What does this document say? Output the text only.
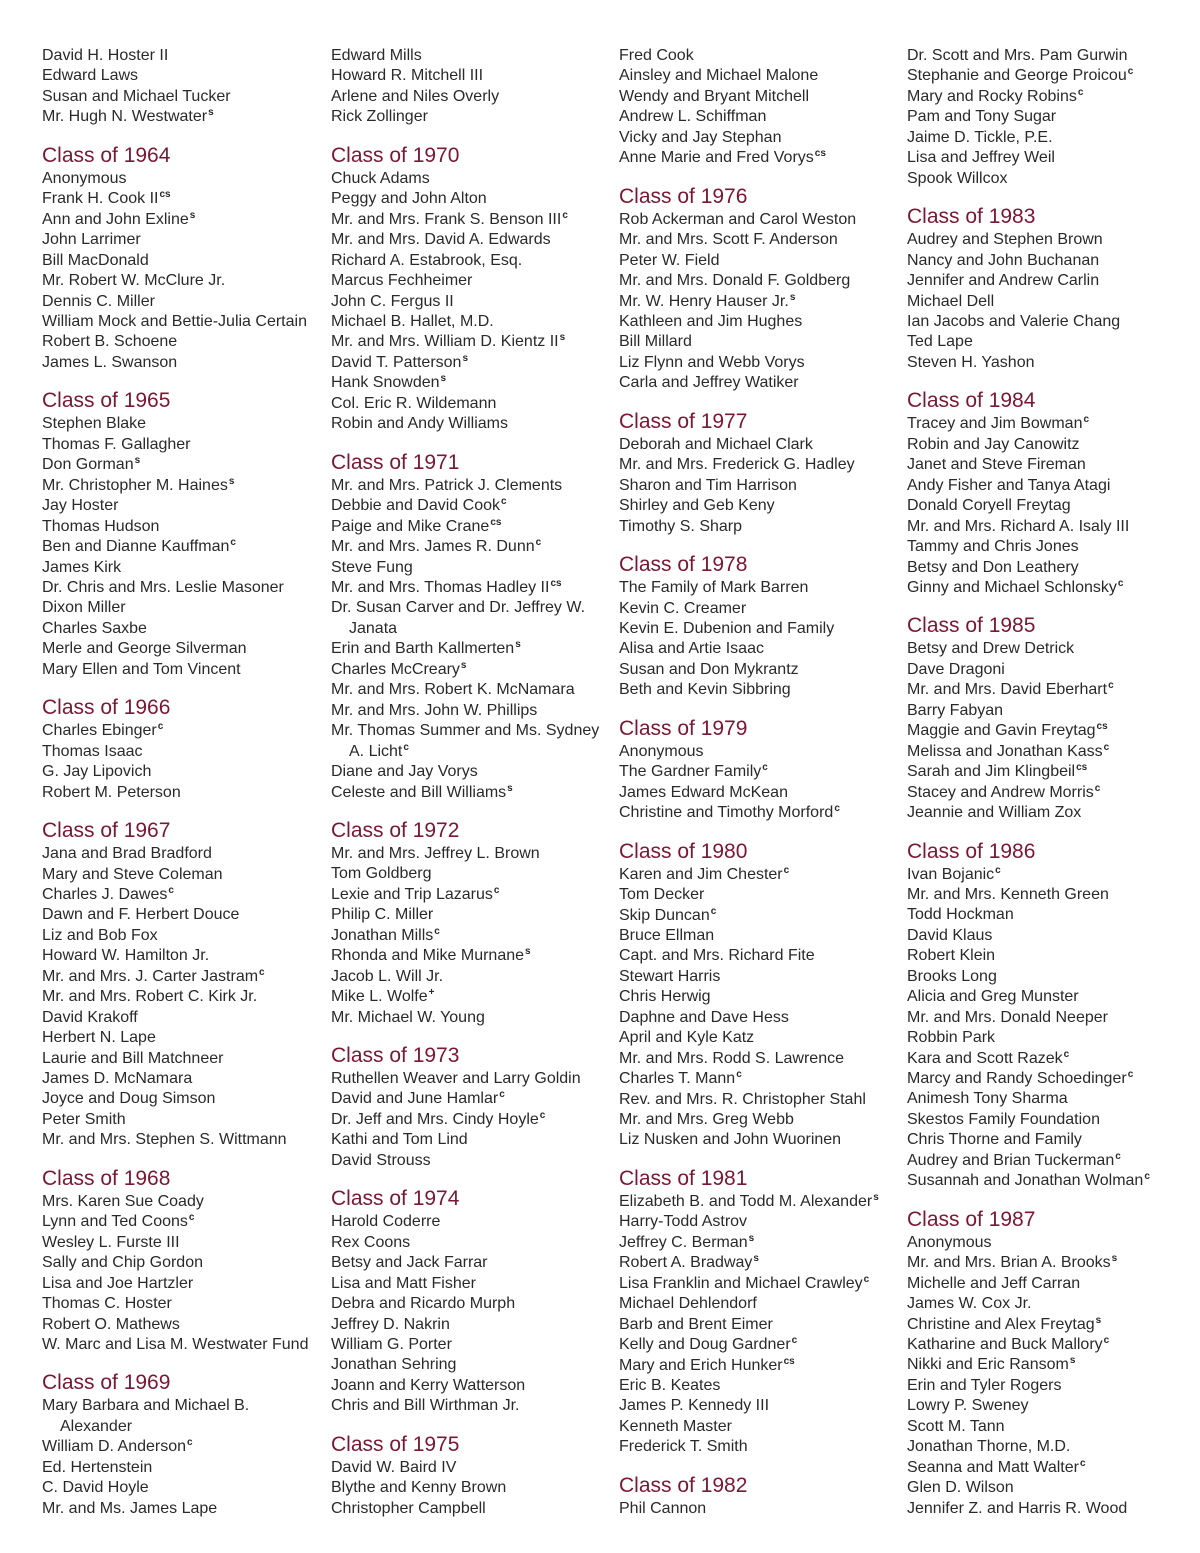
David H. Hoster II
Edward Laws
Susan and Michael Tucker
Mr. Hugh N. Westwater$^s$
Class of 1964
Anonymous
Frank H. Cook $II^{cs}$
Ann and John Exline$^s$
John Larrimer
Bill MacDonald
Mr. Robert W. McClure Jr.
Dennis C. Miller
William Mock and Bettie-Julia Certain
Robert B. Schoene
James L. Swanson
Class of 1965
Stephen Blake
Thomas F. Gallagher
Don Gorman$^s$
Mr. Christopher M. Haines$^s$
Jay Hoster
Thomas Hudson
Ben and Dianne Kauffman$^c$
James Kirk
Dr. Chris and Mrs. Leslie Masoner
Dixon Miller
Charles Saxbe
Merle and George Silverman
Mary Ellen and Tom Vincent
Class of 1966
Charles Ebinger$^c$
Thomas Isaac
G. Jay Lipovich
Robert M. Peterson
Class of 1967
Jana and Brad Bradford
Mary and Steve Coleman
Charles J. Dawes$^c$
Dawn and F. Herbert Douce
Liz and Bob Fox
Howard W. Hamilton Jr.
Mr. and Mrs. J. Carter Jastram$^c$
Mr. and Mrs. Robert C. Kirk Jr.
David Krakoff
Herbert N. Lape
Laurie and Bill Matchneer
James D. McNamara
Joyce and Doug Simson
Peter Smith
Mr. and Mrs. Stephen S. Wittmann
Class of 1968
Mrs. Karen Sue Coady
Lynn and Ted Coons$^c$
Wesley L. Furste III
Sally and Chip Gordon
Lisa and Joe Hartzler
Thomas C. Hoster
Robert O. Mathews
W. Marc and Lisa M. Westwater Fund
Class of 1969
Mary Barbara and Michael B. Alexander
William D. Anderson$^c$
Ed. Hertenstein
C. David Hoyle
Mr. and Ms. James Lape
Edward Mills
Howard R. Mitchell III
Arlene and Niles Overly
Rick Zollinger
Class of 1970
Chuck Adams
Peggy and John Alton
Mr. and Mrs. Frank S. Benson III$^c$
Mr. and Mrs. David A. Edwards
Richard A. Estabrook, Esq.
Marcus Fechheimer
John C. Fergus II
Michael B. Hallet, M.D.
Mr. and Mrs. William D. Kientz $II^s$
David T. Patterson$^s$
Hank Snowden$^s$
Col. Eric R. Wildemann
Robin and Andy Williams
Class of 1971
Mr. and Mrs. Patrick J. Clements
Debbie and David Cook$^c$
Paige and Mike Crane$^{cs}$
Mr. and Mrs. James R. Dunn$^c$
Steve Fung
Mr. and Mrs. Thomas Hadley $II^{cs}$
Dr. Susan Carver and Dr. Jeffrey W. Janata
Erin and Barth Kallmerten$^s$
Charles McCreary$^s$
Mr. and Mrs. Robert K. McNamara
Mr. and Mrs. John W. Phillips
Mr. Thomas Summer and Ms. Sydney A. Licht$^c$
Diane and Jay Vorys
Celeste and Bill Williams$^s$
Class of 1972
Mr. and Mrs. Jeffrey L. Brown
Tom Goldberg
Lexie and Trip Lazarus$^c$
Philip C. Miller
Jonathan Mills$^c$
Rhonda and Mike Murnane$^s$
Jacob L. Will Jr.
Mike L. Wolfe+
Mr. Michael W. Young
Class of 1973
Ruthellen Weaver and Larry Goldin
David and June Hamlar$^c$
Dr. Jeff and Mrs. Cindy Hoyle$^c$
Kathi and Tom Lind
David Strouss
Class of 1974
Harold Coderre
Rex Coons
Betsy and Jack Farrar
Lisa and Matt Fisher
Debra and Ricardo Murph
Jeffrey D. Nakrin
William G. Porter
Jonathan Sehring
Joann and Kerry Watterson
Chris and Bill Wirthman Jr.
Class of 1975
David W. Baird IV
Blythe and Kenny Brown
Christopher Campbell
Fred Cook
Ainsley and Michael Malone
Wendy and Bryant Mitchell
Andrew L. Schiffman
Vicky and Jay Stephan
Anne Marie and Fred Vorys$^{cs}$
Class of 1976
Rob Ackerman and Carol Weston
Mr. and Mrs. Scott F. Anderson
Peter W. Field
Mr. and Mrs. Donald F. Goldberg
Mr. W. Henry Hauser Jr.$^s$
Kathleen and Jim Hughes
Bill Millard
Liz Flynn and Webb Vorys
Carla and Jeffrey Watiker
Class of 1977
Deborah and Michael Clark
Mr. and Mrs. Frederick G. Hadley
Sharon and Tim Harrison
Shirley and Geb Keny
Timothy S. Sharp
Class of 1978
The Family of Mark Barren
Kevin C. Creamer
Kevin E. Dubenion and Family
Alisa and Artie Isaac
Susan and Don Mykrantz
Beth and Kevin Sibbring
Class of 1979
Anonymous
The Gardner Family$^c$
James Edward McKean
Christine and Timothy Morford$^c$
Class of 1980
Karen and Jim Chester$^c$
Tom Decker
Skip Duncan$^c$
Bruce Ellman
Capt. and Mrs. Richard Fite
Stewart Harris
Chris Herwig
Daphne and Dave Hess
April and Kyle Katz
Mr. and Mrs. Rodd S. Lawrence
Charles T. Mann$^c$
Rev. and Mrs. R. Christopher Stahl
Mr. and Mrs. Greg Webb
Liz Nusken and John Wuorinen
Class of 1981
Elizabeth B. and Todd M. Alexander$^s$
Harry-Todd Astrov
Jeffrey C. Berman$^s$
Robert A. Bradway$^s$
Lisa Franklin and Michael Crawley$^c$
Michael Dehlendorf
Barb and Brent Eimer
Kelly and Doug Gardner$^c$
Mary and Erich Hunker$^{cs}$
Eric B. Keates
James P. Kennedy III
Kenneth Master
Frederick T. Smith
Class of 1982
Phil Cannon
Dr. Scott and Mrs. Pam Gurwin
Stephanie and George Proicou$^c$
Mary and Rocky Robins$^c$
Pam and Tony Sugar
Jaime D. Tickle, P.E.
Lisa and Jeffrey Weil
Spook Willcox
Class of 1983
Audrey and Stephen Brown
Nancy and John Buchanan
Jennifer and Andrew Carlin
Michael Dell
Ian Jacobs and Valerie Chang
Ted Lape
Steven H. Yashon
Class of 1984
Tracey and Jim Bowman$^c$
Robin and Jay Canowitz
Janet and Steve Fireman
Andy Fisher and Tanya Atagi
Donald Coryell Freytag
Mr. and Mrs. Richard A. Isaly III
Tammy and Chris Jones
Betsy and Don Leathery
Ginny and Michael Schlonsky$^c$
Class of 1985
Betsy and Drew Detrick
Dave Dragoni
Mr. and Mrs. David Eberhart$^c$
Barry Fabyan
Maggie and Gavin Freytag$^{cs}$
Melissa and Jonathan Kass$^c$
Sarah and Jim Klingbeil$^{cs}$
Stacey and Andrew Morris$^c$
Jeannie and William Zox
Class of 1986
Ivan Bojanic$^c$
Mr. and Mrs. Kenneth Green
Todd Hockman
David Klaus
Robert Klein
Brooks Long
Alicia and Greg Munster
Mr. and Mrs. Donald Neeper
Robbin Park
Kara and Scott Razek$^c$
Marcy and Randy Schoedinger$^c$
Animesh Tony Sharma
Skestos Family Foundation
Chris Thorne and Family
Audrey and Brian Tuckerman$^c$
Susannah and Jonathan Wolman$^c$
Class of 1987
Anonymous
Mr. and Mrs. Brian A. Brooks$^s$
Michelle and Jeff Carran
James W. Cox Jr.
Christine and Alex Freytag$^s$
Katharine and Buck Mallory$^c$
Nikki and Eric Ransom$^s$
Erin and Tyler Rogers
Lowry P. Sweney
Scott M. Tann
Jonathan Thorne, M.D.
Seanna and Matt Walter$^c$
Glen D. Wilson
Jennifer Z. and Harris R. Wood
